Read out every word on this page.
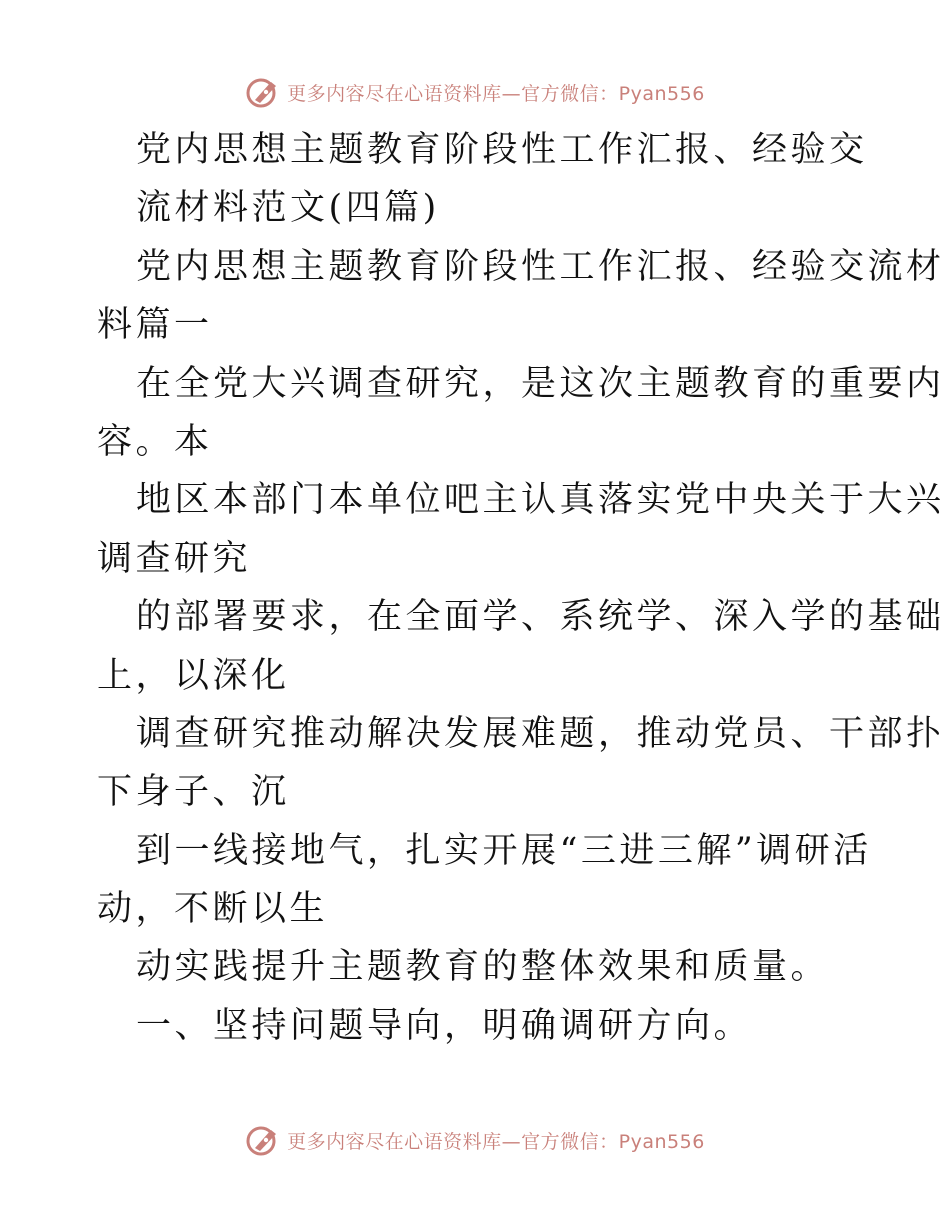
更多内容尽在心语资料库—官方微信：Pyan556
党内思想主题教育阶段性工作汇报、经验交
流材料范文(四篇)
党内思想主题教育阶段性工作汇报、经验交流材
料篇一
在全党大兴调查研究，是这次主题教育的重要内
容。本
地区本部门本单位吧主认真落实党中央关于大兴
调查研究
的部署要求，在全面学、系统学、深入学的基础
上，以深化
调查研究推动解决发展难题，推动党员、干部扑
下身子、沉
到一线接地气，扎实开展“三进三解”调研活
动，不断以生
动实践提升主题教育的整体效果和质量。
一、坚持问题导向，明确调研方向。
更多内容尽在心语资料库—官方微信：Pyan556
